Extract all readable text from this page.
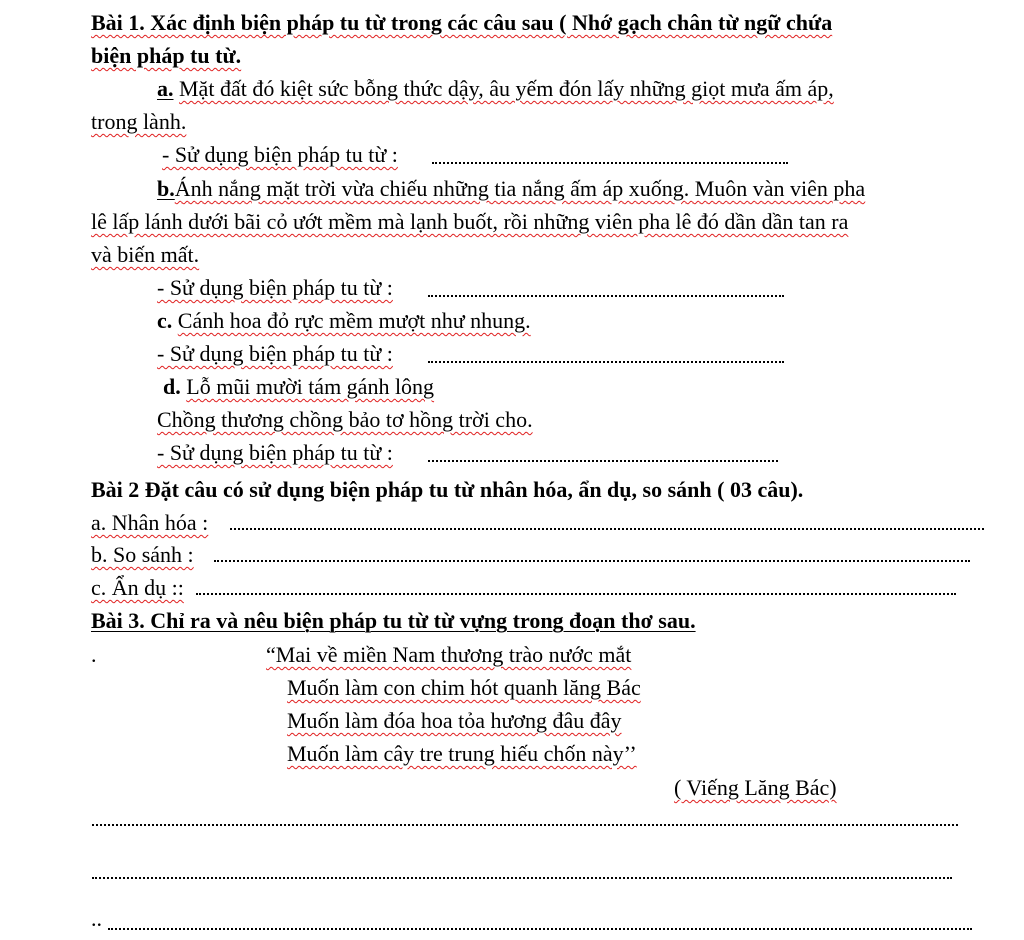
Bài 1. Xác định biện pháp tu từ trong các câu sau ( Nhớ gạch chân từ ngữ chứa
biện pháp tu từ.
a. Mặt đất đó kiệt sức bỗng thức dậy, âu yếm đón lấy những giọt mưa ấm áp,
trong lành.
- Sử dụng biện pháp tu từ :
b.Ánh nắng mặt trời vừa chiếu những tia nắng ấm áp xuống. Muôn vàn viên pha
lê lấp lánh dưới bãi cỏ ướt mềm mà lạnh buốt, rồi những viên pha lê đó dần dần tan ra
và biến mất.
- Sử dụng biện pháp tu từ :
c. Cánh hoa đỏ rực mềm mượt như nhung.
- Sử dụng biện pháp tu từ :
d. Lỗ mũi mười tám gánh lông
Chồng thương chồng bảo tơ hồng trời cho.
- Sử dụng biện pháp tu từ :
Bài 2 Đặt câu có sử dụng biện pháp tu từ nhân hóa, ẩn dụ, so sánh ( 03 câu).
a. Nhân hóa :
b. So sánh :
c. Ẩn dụ ::
Bài 3. Chỉ ra và nêu biện pháp tu từ từ vựng trong đoạn thơ sau.
.	“Mai về miền Nam thương trào nước mắt
Muốn làm con chim hót quanh lăng Bác
Muốn làm đóa hoa tỏa hương đâu đây
Muốn làm cây tre trung hiếu chốn này’’
( Viếng Lăng Bác)
..
